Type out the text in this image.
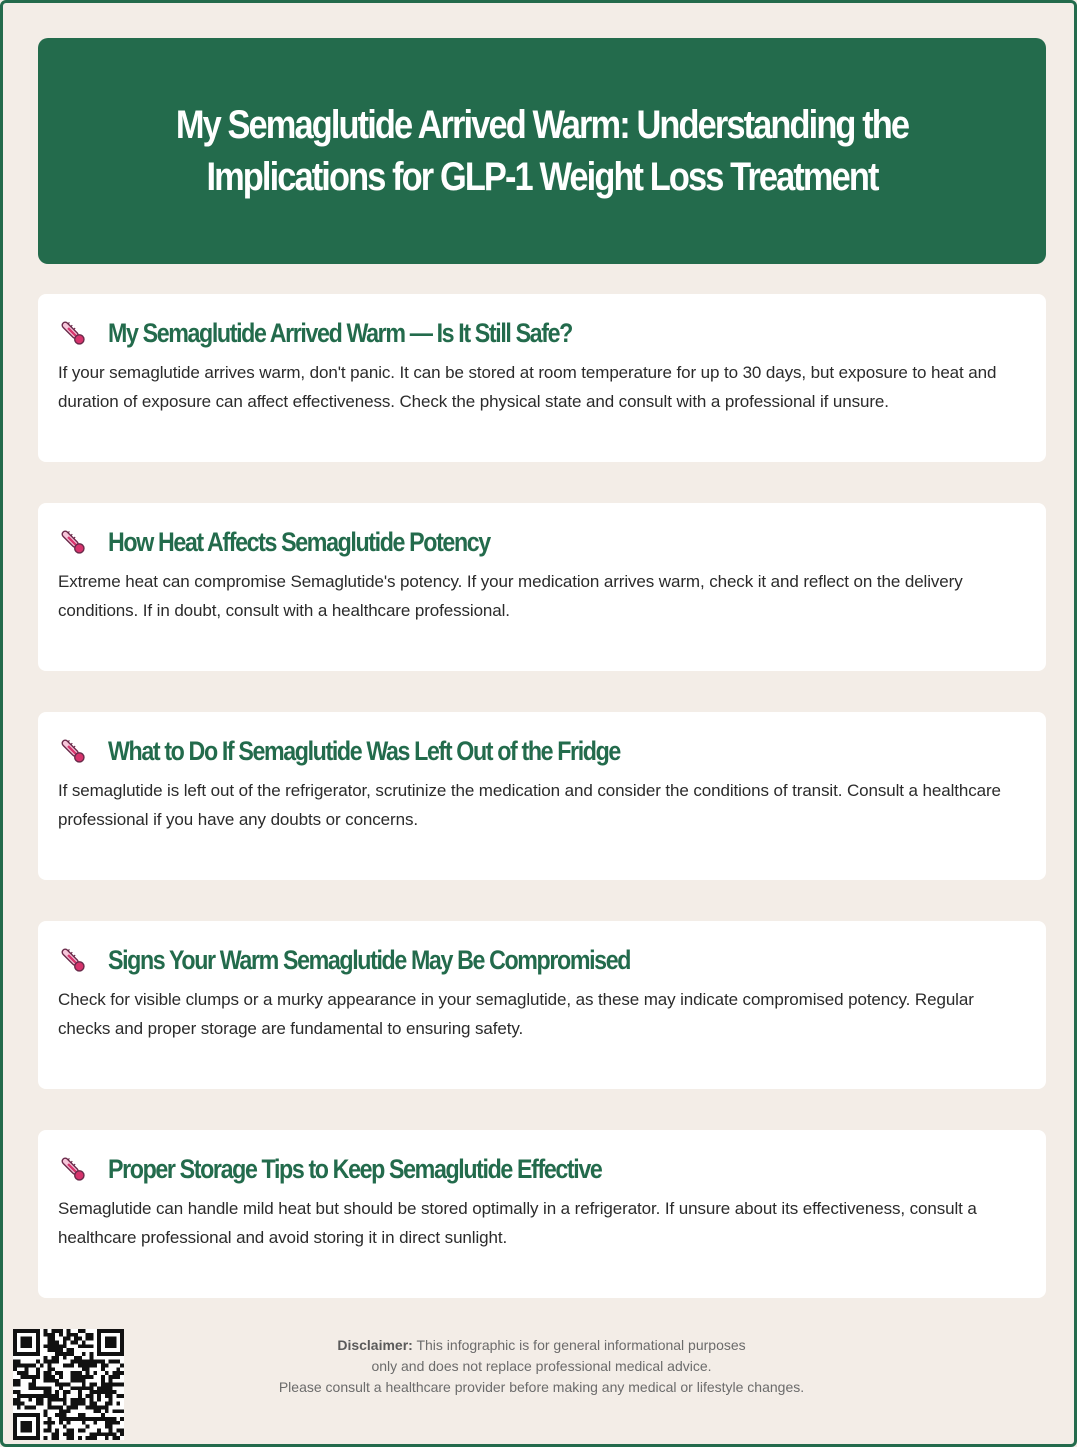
My Semaglutide Arrived Warm: Understanding the Implications for GLP-1 Weight Loss Treatment
My Semaglutide Arrived Warm — Is It Still Safe?

If your semaglutide arrives warm, don't panic. It can be stored at room temperature for up to 30 days, but exposure to heat and duration of exposure can affect effectiveness. Check the physical state and consult with a professional if unsure.

How Heat Affects Semaglutide Potency

Extreme heat can compromise Semaglutide's potency. If your medication arrives warm, check it and reflect on the delivery conditions. If in doubt, consult with a healthcare professional.

What to Do If Semaglutide Was Left Out of the Fridge

If semaglutide is left out of the refrigerator, scrutinize the medication and consider the conditions of transit. Consult a healthcare professional if you have any doubts or concerns.

Signs Your Warm Semaglutide May Be Compromised

Check for visible clumps or a murky appearance in your semaglutide, as these may indicate compromised potency. Regular checks and proper storage are fundamental to ensuring safety.

Proper Storage Tips to Keep Semaglutide Effective

Semaglutide can handle mild heat but should be stored optimally in a refrigerator. If unsure about its effectiveness, consult a healthcare professional and avoid storing it in direct sunlight.

Disclaimer: This infographic is for general informational purposes
only and does not replace professional medical advice.
Please consult a healthcare provider before making any medical or lifestyle changes.
